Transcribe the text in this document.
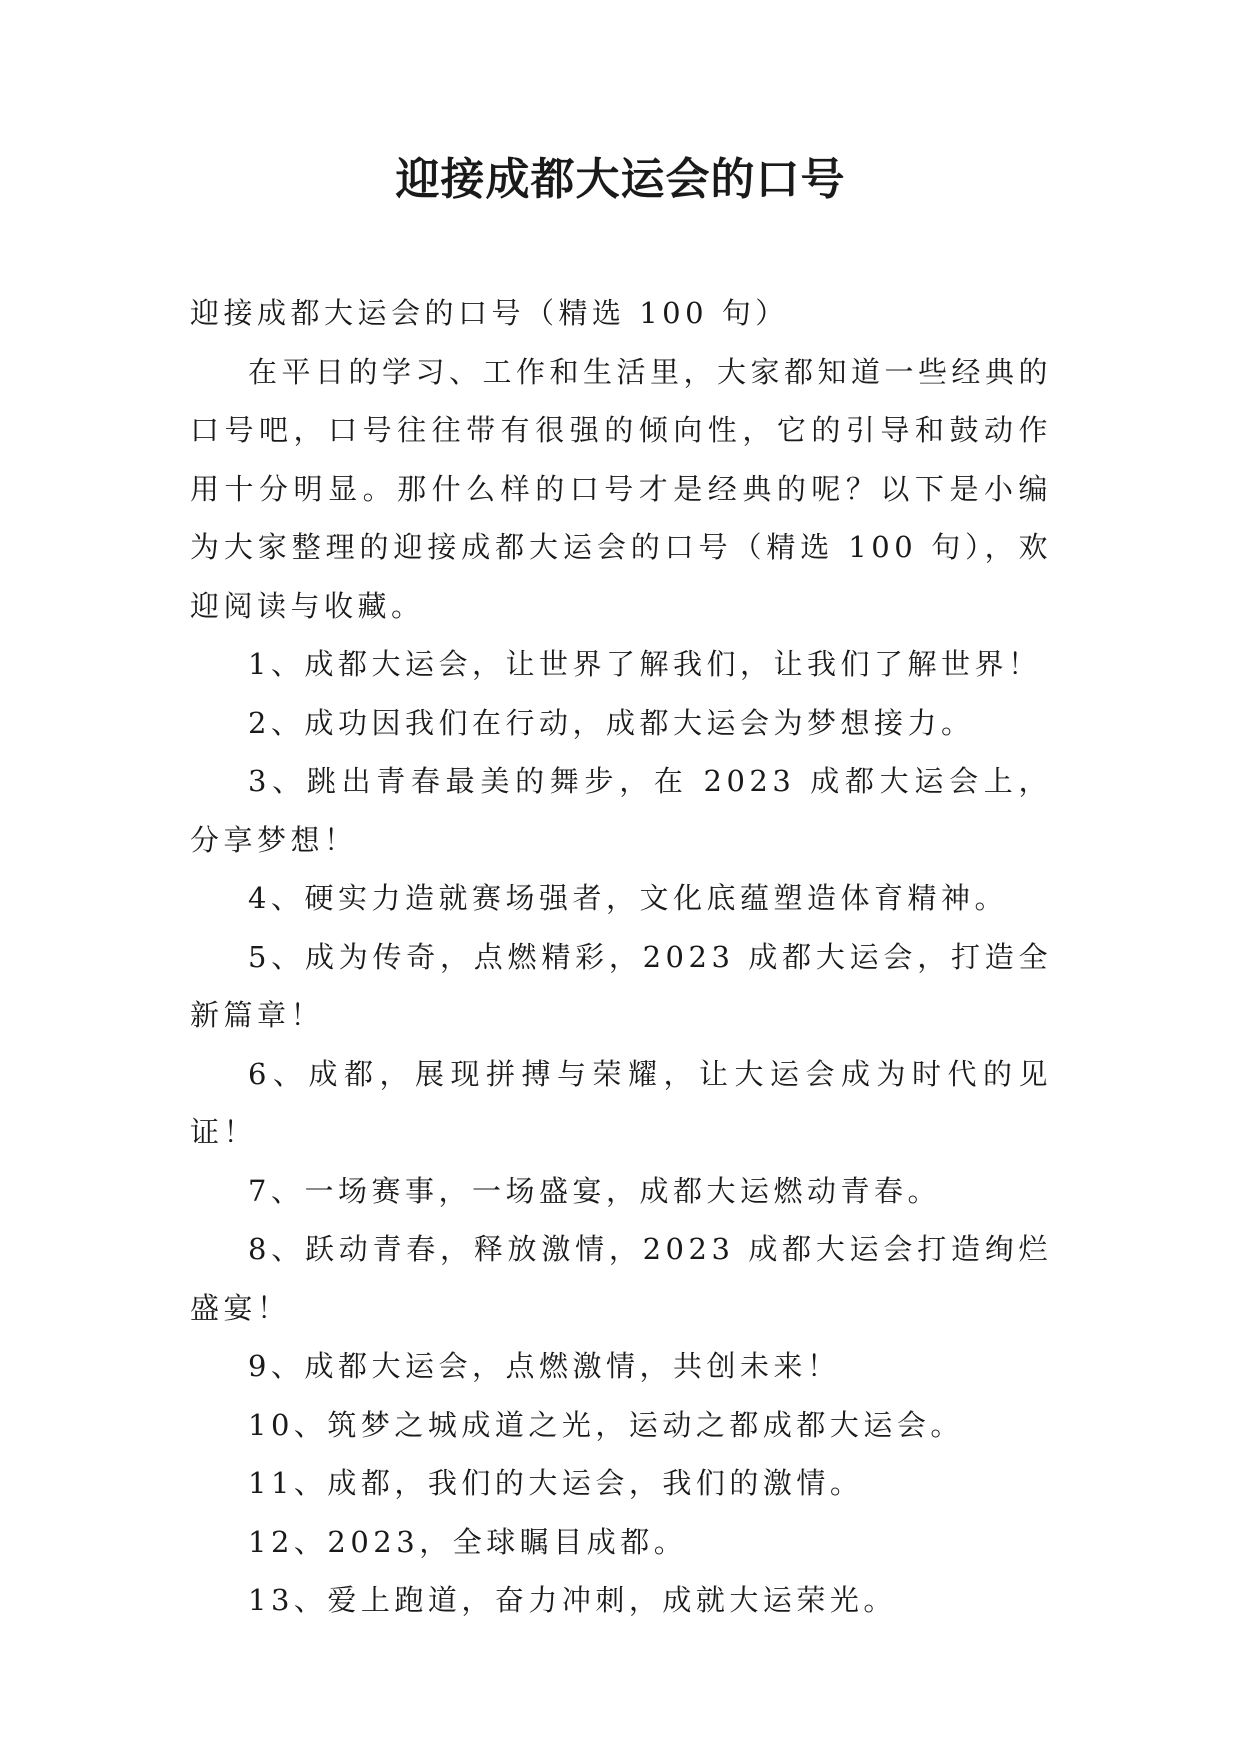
迎接成都大运会的口号

迎接成都大运会的口号（精选 100 句）

在平日的学习、工作和生活里，大家都知道一些经典的口号吧，口号往往带有很强的倾向性，它的引导和鼓动作用十分明显。那什么样的口号才是经典的呢？以下是小编为大家整理的迎接成都大运会的口号（精选 100 句），欢迎阅读与收藏。

1、成都大运会，让世界了解我们，让我们了解世界！

2、成功因我们在行动，成都大运会为梦想接力。

3、跳出青春最美的舞步，在 2023 成都大运会上，分享梦想！

4、硬实力造就赛场强者，文化底蕴塑造体育精神。

5、成为传奇，点燃精彩，2023 成都大运会，打造全新篇章！

6、成都，展现拼搏与荣耀，让大运会成为时代的见证！

7、一场赛事，一场盛宴，成都大运燃动青春。

8、跃动青春，释放激情，2023 成都大运会打造绚烂盛宴！

9、成都大运会，点燃激情，共创未来！

10、筑梦之城成道之光，运动之都成都大运会。

11、成都，我们的大运会，我们的激情。

12、2023，全球瞩目成都。

13、爱上跑道，奋力冲刺，成就大运荣光。
